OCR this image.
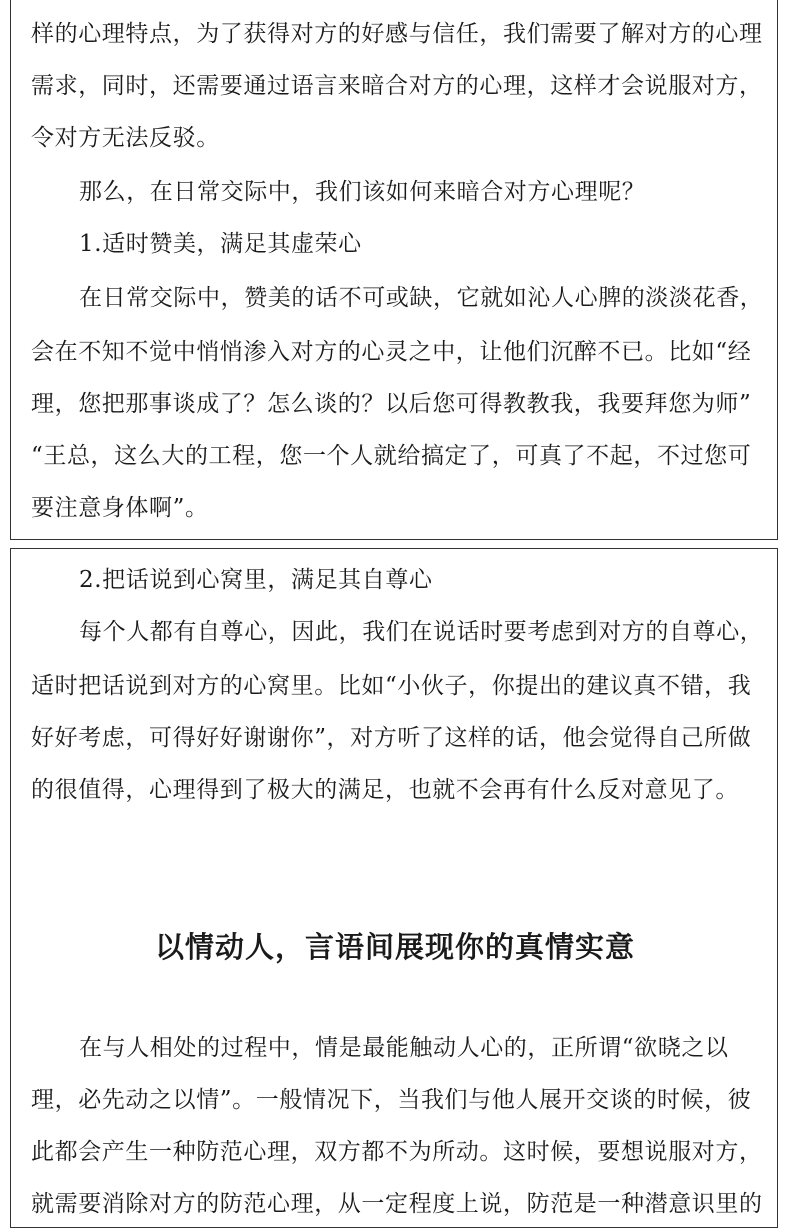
样的心理特点，为了获得对方的好感与信任，我们需要了解对方的心理
需求，同时，还需要通过语言来暗合对方的心理，这样才会说服对方，
令对方无法反驳。
那么，在日常交际中，我们该如何来暗合对方心理呢？
1.适时赞美，满足其虚荣心
在日常交际中，赞美的话不可或缺，它就如沁人心脾的淡淡花香，
会在不知不觉中悄悄渗入对方的心灵之中，让他们沉醉不已。比如“经
理，您把那事谈成了？怎么谈的？以后您可得教教我，我要拜您为师”
“王总，这么大的工程，您一个人就给搞定了，可真了不起，不过您可
要注意身体啊”。
2.把话说到心窝里，满足其自尊心
每个人都有自尊心，因此，我们在说话时要考虑到对方的自尊心，
适时把话说到对方的心窝里。比如“小伙子，你提出的建议真不错，我
好好考虑，可得好好谢谢你”，对方听了这样的话，他会觉得自己所做
的很值得，心理得到了极大的满足，也就不会再有什么反对意见了。
以情动人，言语间展现你的真情实意
在与人相处的过程中，情是最能触动人心的，正所谓“欲晓之以
理，必先动之以情”。一般情况下，当我们与他人展开交谈的时候，彼
此都会产生一种防范心理，双方都不为所动。这时候，要想说服对方，
就需要消除对方的防范心理，从一定程度上说，防范是一种潜意识里的
